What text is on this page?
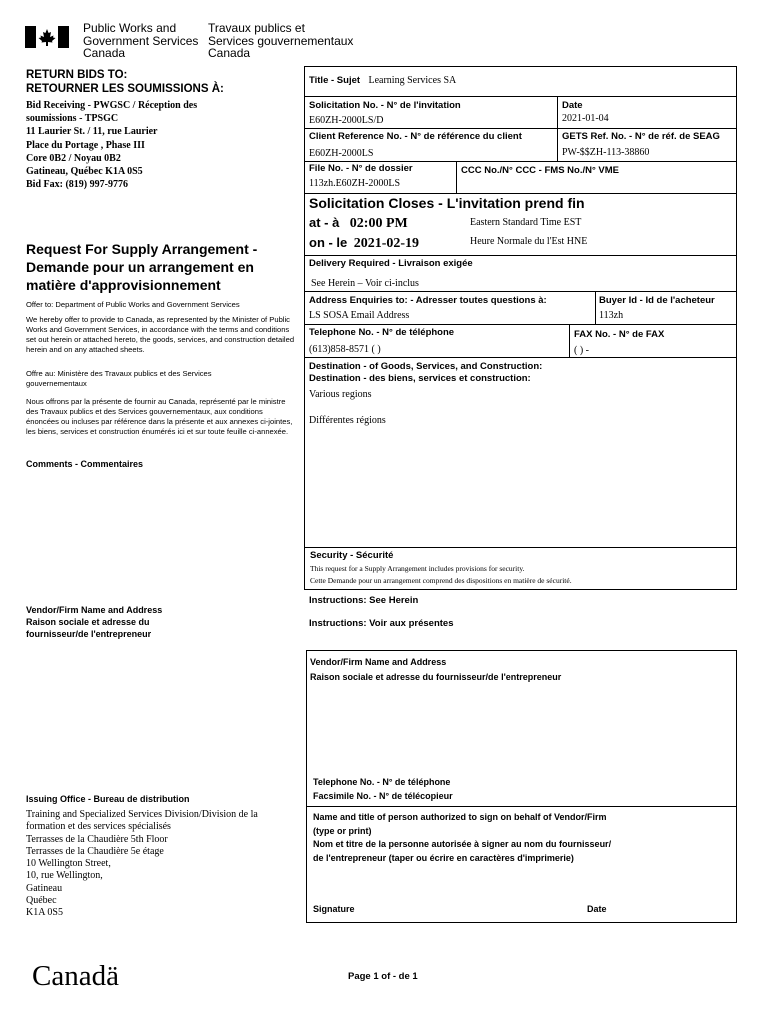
Public Works and
Government Services
Canada
Travaux publics et
Services gouvernementaux
Canada
RETURN BIDS TO:
RETOURNER LES SOUMISSIONS À:
Bid Receiving - PWGSC / Réception des
soumissions - TPSGC
11 Laurier St. / 11, rue Laurier
Place du Portage , Phase III
Core 0B2 / Noyau 0B2
Gatineau, Québec K1A 0S5
Bid Fax: (819) 997-9776
Request For Supply Arrangement - Demande pour un arrangement en matière d'approvisionnement
Offer to: Department of Public Works and Government Services
We hereby offer to provide to Canada, as represented by the Minister of Public Works and Government Services, in accordance with the terms and conditions set out herein or attached hereto, the goods, services, and construction detailed herein and on any attached sheets.
Offre au: Ministère des Travaux publics et des Services gouvernementaux
Nous offrons par la présente de fournir au Canada, représenté par le ministre des Travaux publics et des Services gouvernementaux, aux conditions énoncées ou incluses par référence dans la présente et aux annexes ci-jointes, les biens, services et construction énumérés ici et sur toute feuille ci-annexée.
Comments - Commentaires
Vendor/Firm Name and Address
Raison sociale et adresse du
fournisseur/de l'entrepreneur
Issuing Office - Bureau de distribution
Training and Specialized Services Division/Division de la
formation et des services spécialisés
Terrasses de la Chaudière 5th Floor
Terrasses de la Chaudière 5e étage
10 Wellington Street,
10, rue Wellington,
Gatineau
Québec
K1A 0S5
Title - Sujet Learning Services SA
Solicitation No. - N° de l'invitation
E60ZH-2000LS/D
Date
2021-01-04
Client Reference No. - N° de référence du client
E60ZH-2000LS
GETS Ref. No. - N° de réf. de SEAG
PW-$$ZH-113-38860
File No. - N° de dossier
113zh.E60ZH-2000LS
CCC No./N° CCC - FMS No./N° VME
Solicitation Closes - L'invitation prend fin
at - à 02:00 PM
on - le 2021-02-19
Eastern Standard Time EST
Heure Normale du l'Est HNE
Delivery Required - Livraison exigée
See Herein – Voir ci-inclus
Address Enquiries to: - Adresser toutes questions à:
LS SOSA Email Address
Buyer Id - Id de l'acheteur
113zh
Telephone No. - N° de téléphone
(613)858-8571 ( )
FAX No. - N° de FAX
( ) -
Destination - of Goods, Services, and Construction:
Destination - des biens, services et construction:
Various regions
Différentes régions
Security - Sécurité
This request for a Supply Arrangement includes provisions for security.
Cette Demande pour un arrangement comprend des dispositions en matière de sécurité.
Instructions: See Herein
Instructions: Voir aux présentes
Vendor/Firm Name and Address
Raison sociale et adresse du fournisseur/de l'entrepreneur
Telephone No. - N° de téléphone
Facsimile No. - N° de télécopieur
Name and title of person authorized to sign on behalf of Vendor/Firm
(type or print)
Nom et titre de la personne autorisée à signer au nom du fournisseur/
de l'entrepreneur (taper ou écrire en caractères d'imprimerie)
Signature	Date
Canadä	Page 1 of - de 1
